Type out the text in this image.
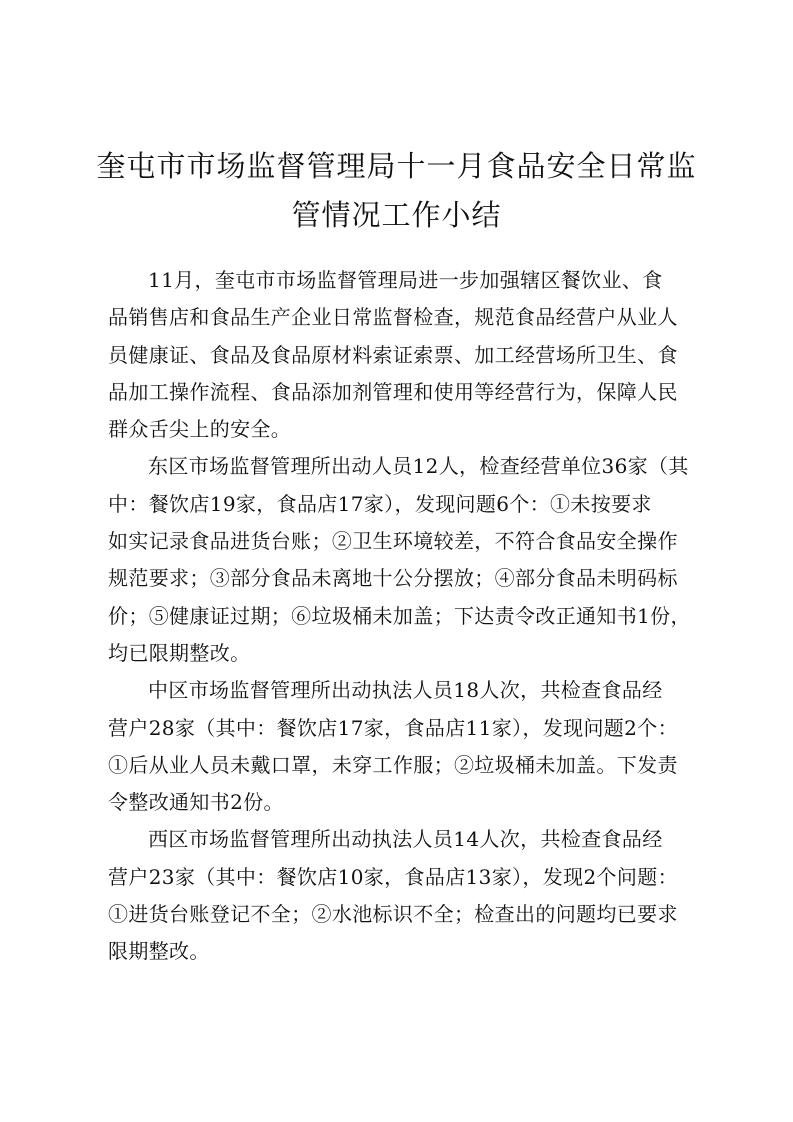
奎屯市市场监督管理局十一月食品安全日常监
管情况工作小结

11月，奎屯市市场监督管理局进一步加强辖区餐饮业、食
品销售店和食品生产企业日常监督检查，规范食品经营户从业人
员健康证、食品及食品原材料索证索票、加工经营场所卫生、食
品加工操作流程、食品添加剂管理和使用等经营行为，保障人民
群众舌尖上的安全。

东区市场监督管理所出动人员12人，检查经营单位36家（其
中：餐饮店19家，食品店17家），发现问题6个：①未按要求
如实记录食品进货台账；②卫生环境较差，不符合食品安全操作
规范要求；③部分食品未离地十公分摆放；④部分食品未明码标
价；⑤健康证过期；⑥垃圾桶未加盖；下达责令改正通知书1份，
均已限期整改。

中区市场监督管理所出动执法人员18人次，共检查食品经
营户28家（其中：餐饮店17家，食品店11家），发现问题2个：
①后从业人员未戴口罩，未穿工作服；②垃圾桶未加盖。下发责
令整改通知书2份。

西区市场监督管理所出动执法人员14人次，共检查食品经
营户23家（其中：餐饮店10家，食品店13家），发现2个问题：
①进货台账登记不全；②水池标识不全；检查出的问题均已要求
限期整改。
